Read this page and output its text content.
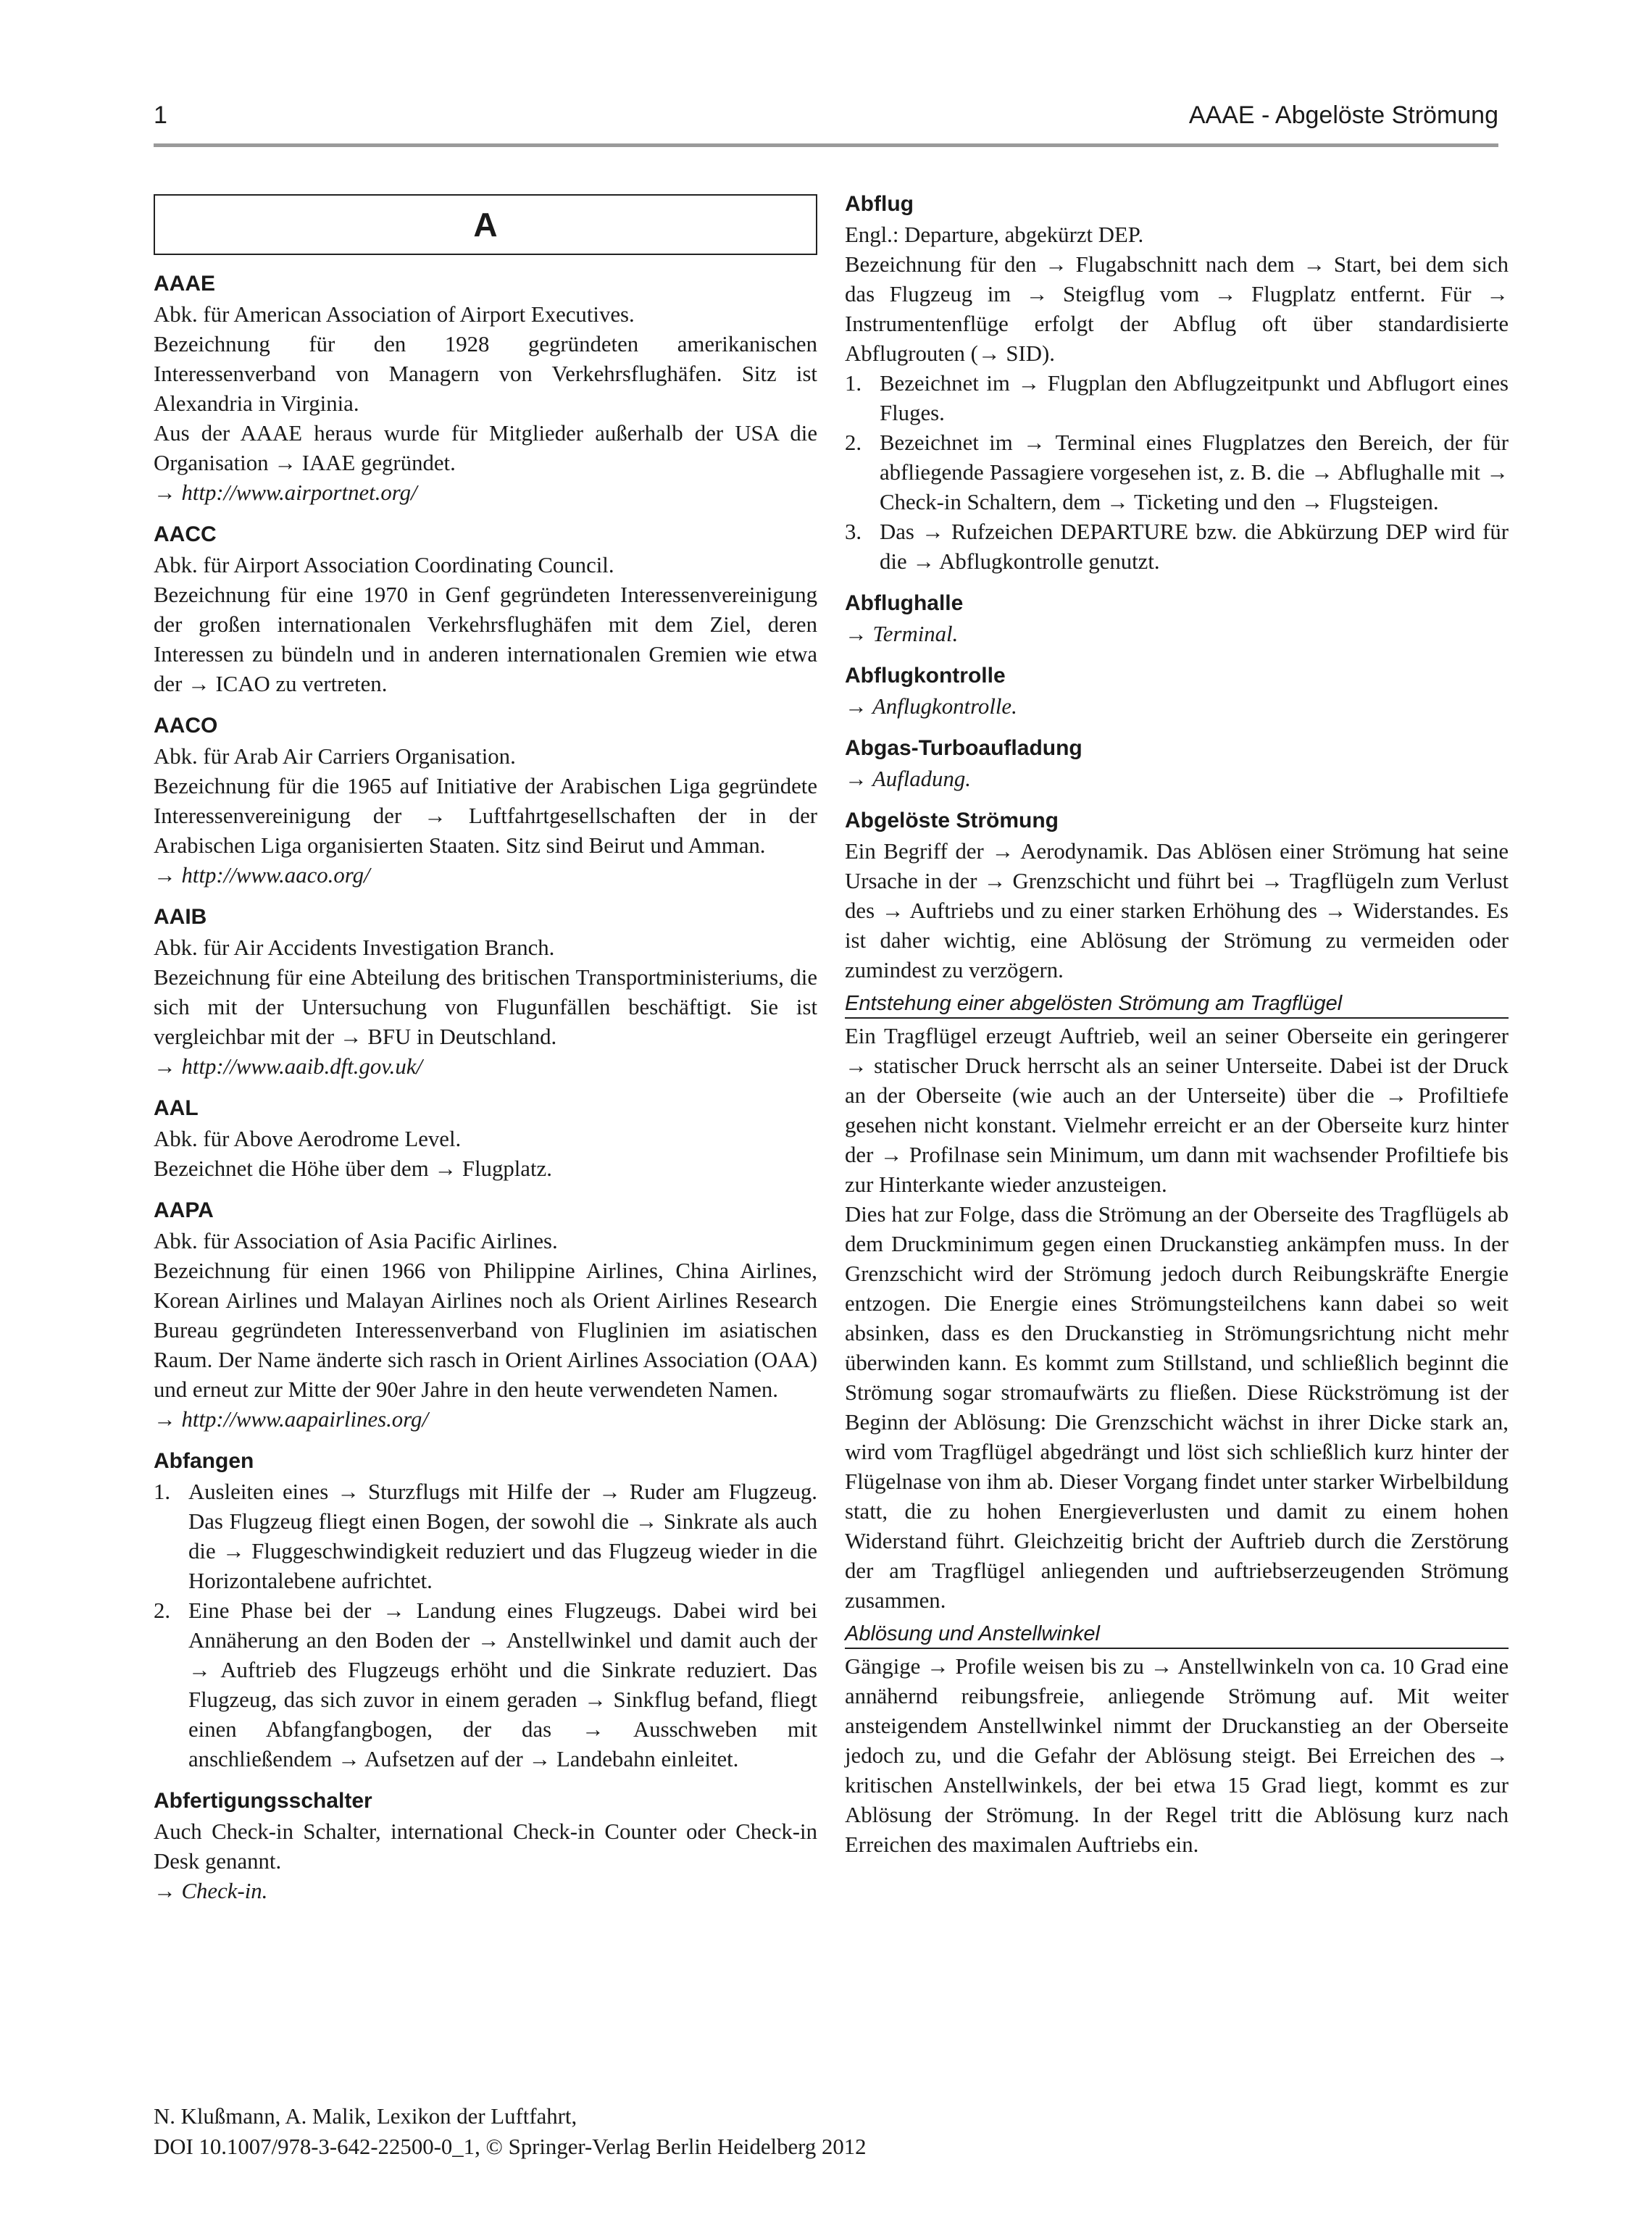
1	AAAE - Abgelöste Strömung
A
AAAE

Abk. für American Association of Airport Executives.

Bezeichnung für den 1928 gegründeten amerikanischen Interessenverband von Managern von Verkehrsflughäfen. Sitz ist Alexandria in Virginia.

Aus der AAAE heraus wurde für Mitglieder außerhalb der USA die Organisation → IAAE gegründet.

→ http://www.airportnet.org/

AACC

Abk. für Airport Association Coordinating Council.

Bezeichnung für eine 1970 in Genf gegründeten Interessenvereinigung der großen internationalen Verkehrsflughäfen mit dem Ziel, deren Interessen zu bündeln und in anderen internationalen Gremien wie etwa der → ICAO zu vertreten.

AACO

Abk. für Arab Air Carriers Organisation.

Bezeichnung für die 1965 auf Initiative der Arabischen Liga gegründete Interessenvereinigung der → Luftfahrtgesellschaften der in der Arabischen Liga organisierten Staaten. Sitz sind Beirut und Amman.

→ http://www.aaco.org/

AAIB

Abk. für Air Accidents Investigation Branch.

Bezeichnung für eine Abteilung des britischen Transportministeriums, die sich mit der Untersuchung von Flugunfällen beschäftigt. Sie ist vergleichbar mit der → BFU in Deutschland.

→ http://www.aaib.dft.gov.uk/

AAL

Abk. für Above Aerodrome Level.

Bezeichnet die Höhe über dem → Flugplatz.

AAPA

Abk. für Association of Asia Pacific Airlines.

Bezeichnung für einen 1966 von Philippine Airlines, China Airlines, Korean Airlines und Malayan Airlines noch als Orient Airlines Research Bureau gegründeten Interessenverband von Fluglinien im asiatischen Raum. Der Name änderte sich rasch in Orient Airlines Association (OAA) und erneut zur Mitte der 90er Jahre in den heute verwendeten Namen.

→ http://www.aapairlines.org/

Abfangen
1. Ausleiten eines → Sturzflugs mit Hilfe der → Ruder am Flugzeug. Das Flugzeug fliegt einen Bogen, der sowohl die → Sinkrate als auch die → Fluggeschwindigkeit reduziert und das Flugzeug wieder in die Horizontalebene aufrichtet.
2. Eine Phase bei der → Landung eines Flugzeugs. Dabei wird bei Annäherung an den Boden der → Anstellwinkel und damit auch der → Auftrieb des Flugzeugs erhöht und die Sinkrate reduziert. Das Flugzeug, das sich zuvor in einem geraden → Sinkflug befand, fliegt einen Abfangfangbogen, der das → Ausschweben mit anschließendem → Aufsetzen auf der → Landebahn einleitet.
Abfertigungsschalter

Auch Check-in Schalter, international Check-in Counter oder Check-in Desk genannt.

→ Check-in.

Abflug

Engl.: Departure, abgekürzt DEP.

Bezeichnung für den → Flugabschnitt nach dem → Start, bei dem sich das Flugzeug im → Steigflug vom → Flugplatz entfernt. Für → Instrumentenflüge erfolgt der Abflug oft über standardisierte Abflugrouten (→ SID).

1. Bezeichnet im → Flugplan den Abflugzeitpunkt und Abflugort eines Fluges.
2. Bezeichnet im → Terminal eines Flugplatzes den Bereich, der für abfliegende Passagiere vorgesehen ist, z. B. die → Abflughalle mit → Check-in Schaltern, dem → Ticketing und den → Flugsteigen.
3. Das → Rufzeichen DEPARTURE bzw. die Abkürzung DEP wird für die → Abflugkontrolle genutzt.
Abflughalle

→ Terminal.

Abflugkontrolle

→ Anflugkontrolle.

Abgas-Turboaufladung

→ Aufladung.

Abgelöste Strömung

Ein Begriff der → Aerodynamik. Das Ablösen einer Strömung hat seine Ursache in der → Grenzschicht und führt bei → Tragflügeln zum Verlust des → Auftriebs und zu einer starken Erhöhung des → Widerstandes. Es ist daher wichtig, eine Ablösung der Strömung zu vermeiden oder zumindest zu verzögern.

Entstehung einer abgelösten Strömung am Tragflügel

Ein Tragflügel erzeugt Auftrieb, weil an seiner Oberseite ein geringerer → statischer Druck herrscht als an seiner Unterseite. Dabei ist der Druck an der Oberseite (wie auch an der Unterseite) über die → Profiltiefe gesehen nicht konstant. Vielmehr erreicht er an der Oberseite kurz hinter der → Profilnase sein Minimum, um dann mit wachsender Profiltiefe bis zur Hinterkante wieder anzusteigen.

Dies hat zur Folge, dass die Strömung an der Oberseite des Tragflügels ab dem Druckminimum gegen einen Druckanstieg ankämpfen muss. In der Grenzschicht wird der Strömung jedoch durch Reibungskräfte Energie entzogen. Die Energie eines Strömungsteilchens kann dabei so weit absinken, dass es den Druckanstieg in Strömungsrichtung nicht mehr überwinden kann. Es kommt zum Stillstand, und schließlich beginnt die Strömung sogar stromaufwärts zu fließen. Diese Rückströmung ist der Beginn der Ablösung: Die Grenzschicht wächst in ihrer Dicke stark an, wird vom Tragflügel abgedrängt und löst sich schließlich kurz hinter der Flügelnase von ihm ab. Dieser Vorgang findet unter starker Wirbelbildung statt, die zu hohen Energieverlusten und damit zu einem hohen Widerstand führt. Gleichzeitig bricht der Auftrieb durch die Zerstörung der am Tragflügel anliegenden und auftriebserzeugenden Strömung zusammen.

Ablösung und Anstellwinkel

Gängige → Profile weisen bis zu → Anstellwinkeln von ca. 10 Grad eine annähernd reibungsfreie, anliegende Strömung auf. Mit weiter ansteigendem Anstellwinkel nimmt der Druckanstieg an der Oberseite jedoch zu, und die Gefahr der Ablösung steigt. Bei Erreichen des → kritischen Anstellwinkels, der bei etwa 15 Grad liegt, kommt es zur Ablösung der Strömung. In der Regel tritt die Ablösung kurz nach Erreichen des maximalen Auftriebs ein.

N. Klußmann, A. Malik, Lexikon der Luftfahrt,
DOI 10.1007/978-3-642-22500-0_1, © Springer-Verlag Berlin Heidelberg 2012
